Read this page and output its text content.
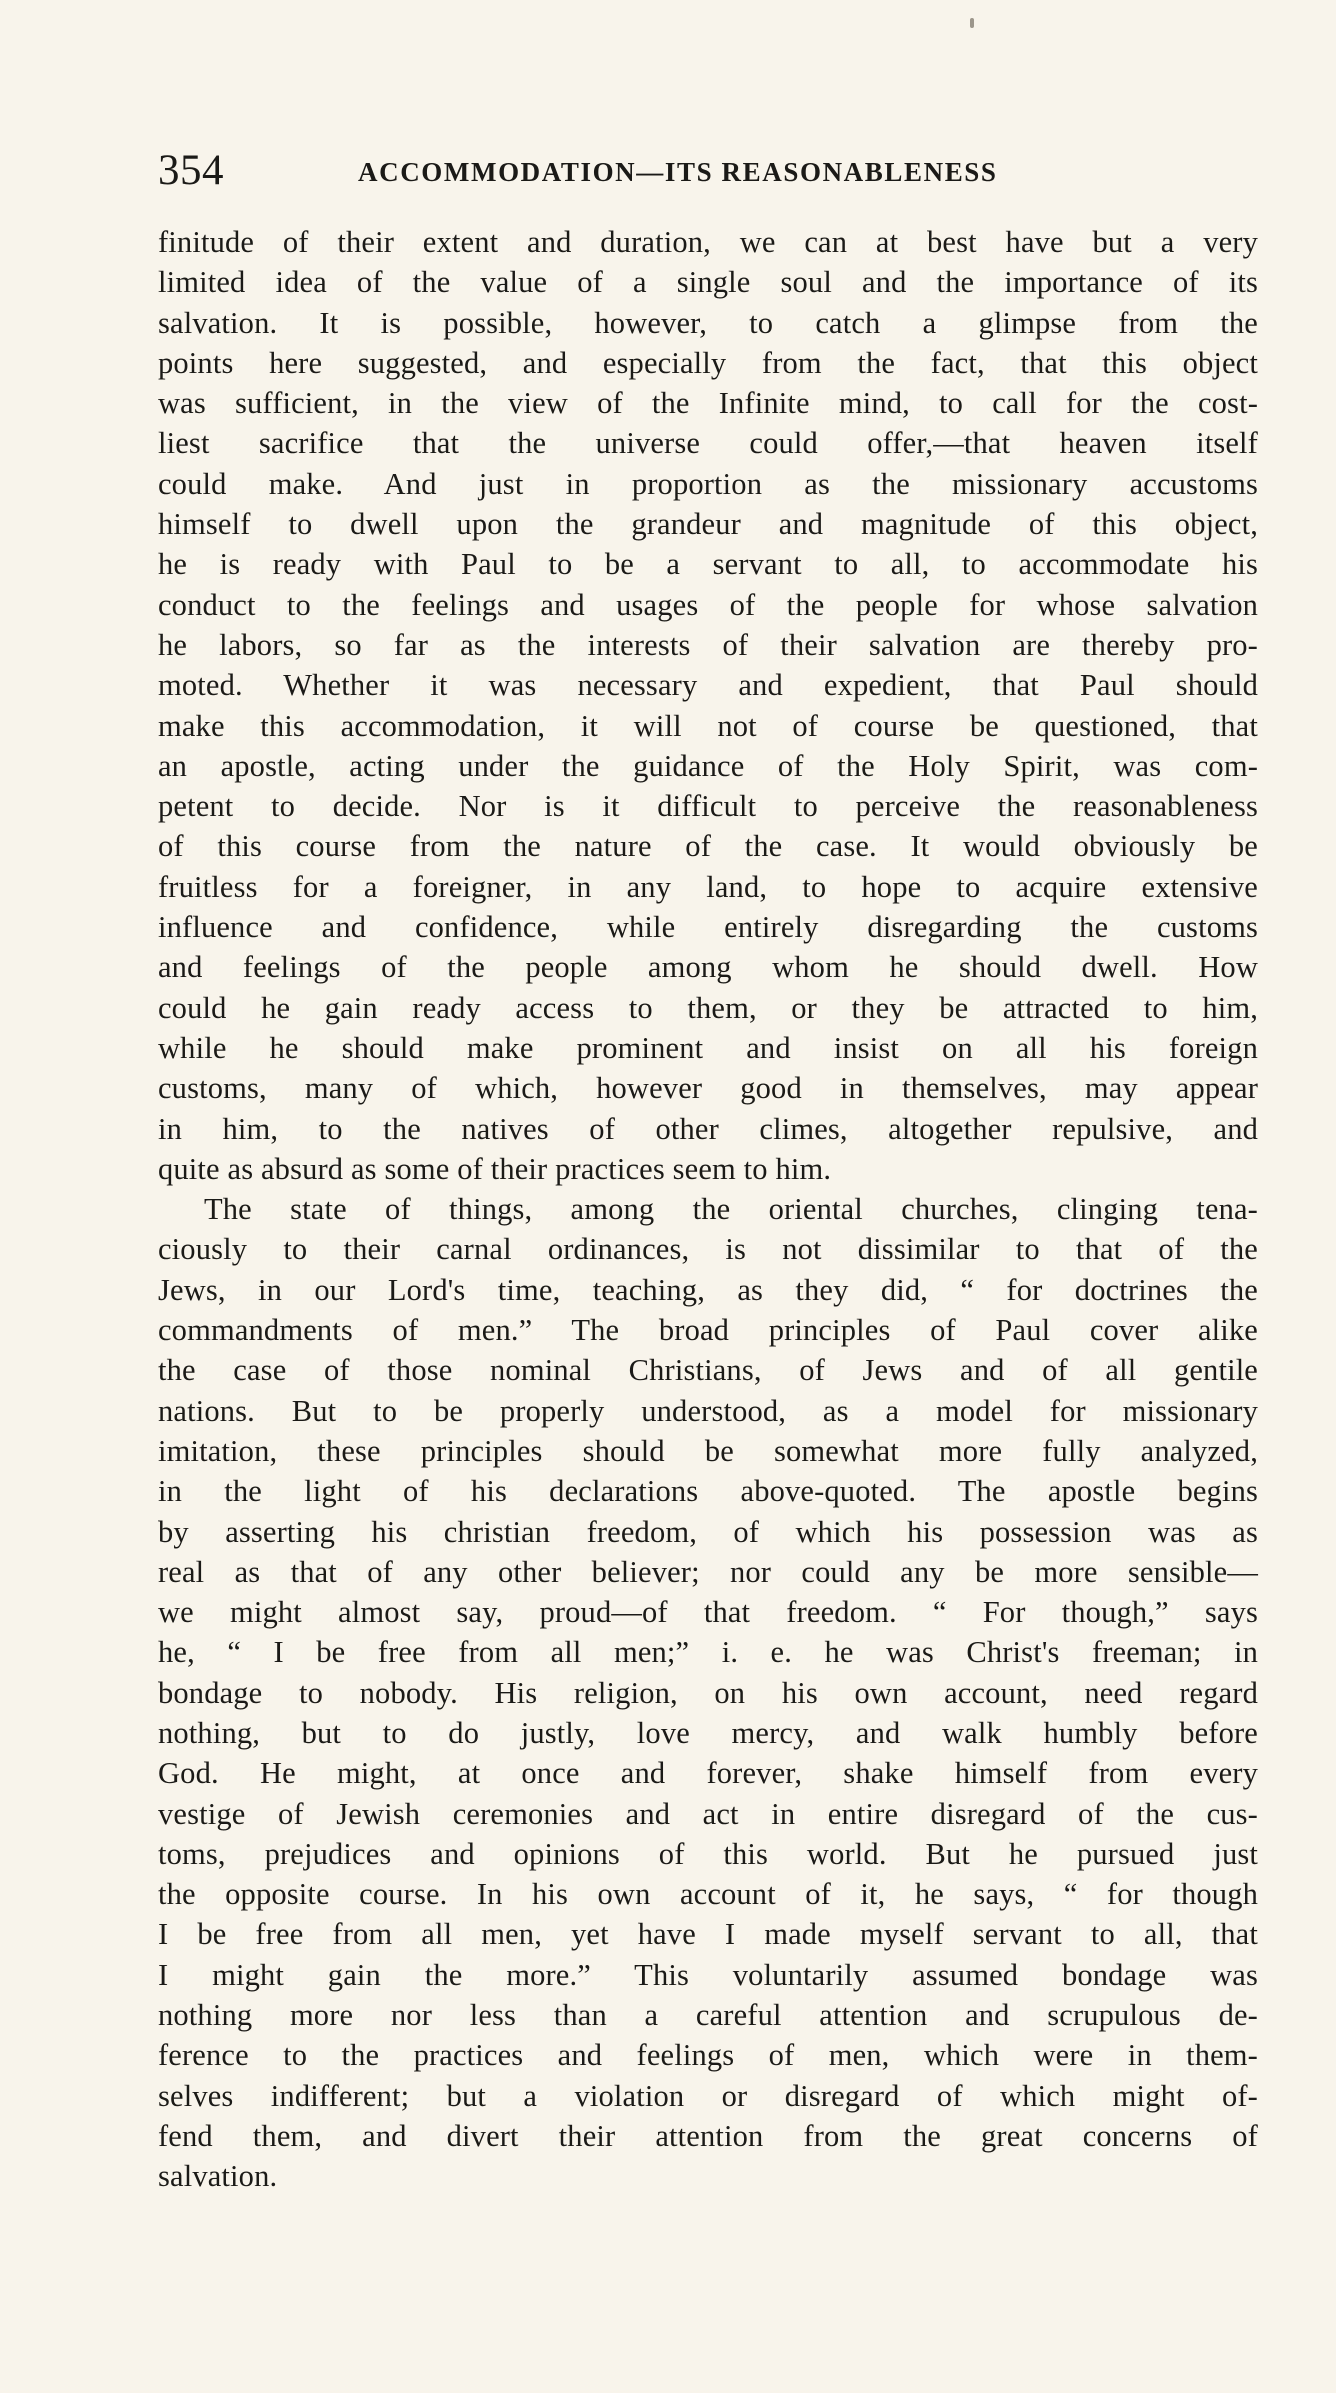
354	ACCOMMODATION—ITS REASONABLENESS
finitude of their extent and duration, we can at best have but a very
limited idea of the value of a single soul and the importance of its
salvation. It is possible, however, to catch a glimpse from the
points here suggested, and especially from the fact, that this object
was sufficient, in the view of the Infinite mind, to call for the cost-
liest sacrifice that the universe could offer,—that heaven itself
could make. And just in proportion as the missionary accustoms
himself to dwell upon the grandeur and magnitude of this object,
he is ready with Paul to be a servant to all, to accommodate his
conduct to the feelings and usages of the people for whose salvation
he labors, so far as the interests of their salvation are thereby pro-
moted. Whether it was necessary and expedient, that Paul should
make this accommodation, it will not of course be questioned, that
an apostle, acting under the guidance of the Holy Spirit, was com-
petent to decide. Nor is it difficult to perceive the reasonableness
of this course from the nature of the case. It would obviously be
fruitless for a foreigner, in any land, to hope to acquire extensive
influence and confidence, while entirely disregarding the customs
and feelings of the people among whom he should dwell. How
could he gain ready access to them, or they be attracted to him,
while he should make prominent and insist on all his foreign
customs, many of which, however good in themselves, may appear
in him, to the natives of other climes, altogether repulsive, and
quite as absurd as some of their practices seem to him.
The state of things, among the oriental churches, clinging tena-
ciously to their carnal ordinances, is not dissimilar to that of the
Jews, in our Lord's time, teaching, as they did, “ for doctrines the
commandments of men.” The broad principles of Paul cover alike
the case of those nominal Christians, of Jews and of all gentile
nations. But to be properly understood, as a model for missionary
imitation, these principles should be somewhat more fully analyzed,
in the light of his declarations above-quoted. The apostle begins
by asserting his christian freedom, of which his possession was as
real as that of any other believer; nor could any be more sensible—
we might almost say, proud—of that freedom. “ For though,” says
he, “ I be free from all men;” i. e. he was Christ's freeman; in
bondage to nobody. His religion, on his own account, need regard
nothing, but to do justly, love mercy, and walk humbly before
God. He might, at once and forever, shake himself from every
vestige of Jewish ceremonies and act in entire disregard of the cus-
toms, prejudices and opinions of this world. But he pursued just
the opposite course. In his own account of it, he says, “ for though
I be free from all men, yet have I made myself servant to all, that
I might gain the more.” This voluntarily assumed bondage was
nothing more nor less than a careful attention and scrupulous de-
ference to the practices and feelings of men, which were in them-
selves indifferent; but a violation or disregard of which might of-
fend them, and divert their attention from the great concerns of
salvation.
